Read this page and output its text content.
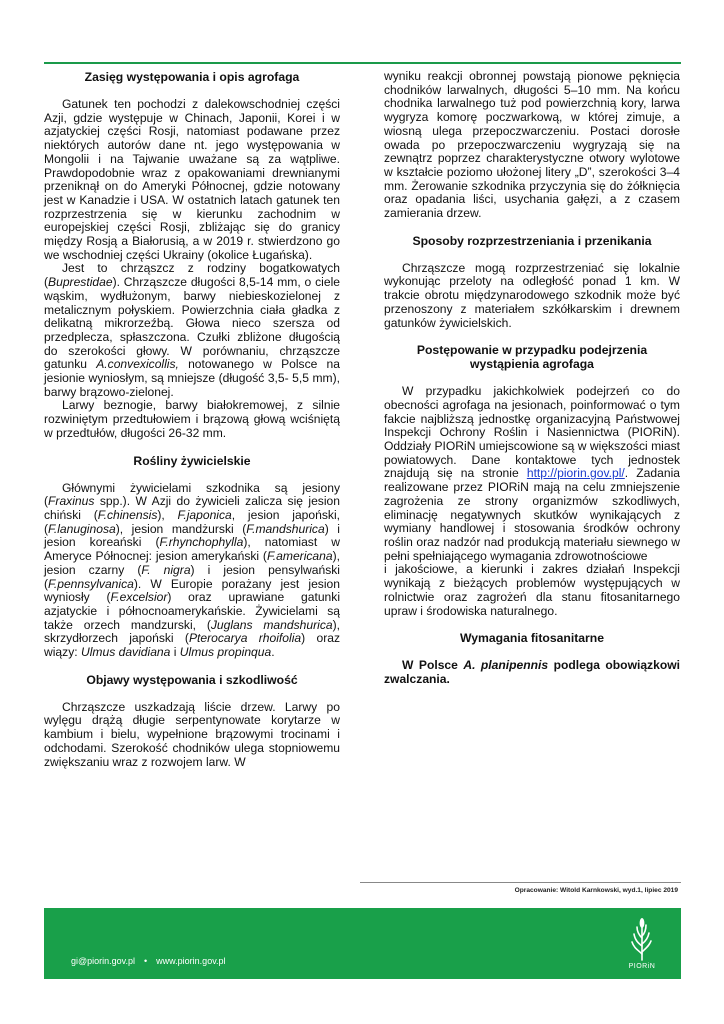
Zasięg występowania i opis agrofaga

Gatunek ten pochodzi z dalekowschodniej części Azji, gdzie występuje w Chinach, Japonii, Korei i w azjatyckiej części Rosji, natomiast podawane przez niektórych autorów dane nt. jego występowania w Mongolii i na Tajwanie uważane są za wątpliwe. Prawdopodobnie wraz z opakowaniami drewnianymi przeniknął on do Ameryki Północnej, gdzie notowany jest w Kanadzie i USA. W ostatnich latach gatunek ten rozprzestrzenia się w kierunku zachodnim w europejskiej części Rosji, zbliżając się do granicy między Rosją a Białorusią, a w 2019 r. stwierdzono go we wschodniej części Ukrainy (okolice Ługańska).

Jest to chrząszcz z rodziny bogatkowatych (Buprestidae). Chrząszcze długości 8,5-14 mm, o ciele wąskim, wydłużonym, barwy niebieskozielonej z metalicznym połyskiem. Powierzchnia ciała gładka z delikatną mikrorzeźbą. Głowa nieco szersza od przedplecza, spłaszczona. Czułki zbliżone długością do szerokości głowy. W porównaniu, chrząszcze gatunku A.convexicollis, notowanego w Polsce na jesionie wyniosłym, są mniejsze (długość 3,5- 5,5 mm), barwy brązowo-zielonej.

Larwy beznogie, barwy białokremowej, z silnie rozwiniętym przedtułowiem i brązową głową wciśniętą w przedtułów, długości 26-32 mm.

Rośliny żywicielskie

Głównymi żywicielami szkodnika są jesiony (Fraxinus spp.). W Azji do żywicieli zalicza się jesion chiński (F.chinensis), F.japonica, jesion japoński, (F.lanuginosa), jesion mandżurski (F.mandshurica) i jesion koreański (F.rhynchophylla), natomiast w Ameryce Północnej: jesion amerykański (F.americana), jesion czarny (F. nigra) i jesion pensylwański (F.pennsylvanica). W Europie porażany jest jesion wyniosły (F.excelsior) oraz uprawiane gatunki azjatyckie i północnoamerykańskie. Żywicielami są także orzech mandzurski, (Juglans mandshurica), skrzydłorzech japoński (Pterocarya rhoifolia) oraz wiązy: Ulmus davidiana i Ulmus propinqua.

Objawy występowania i szkodliwość

Chrząszcze uszkadzają liście drzew. Larwy po wylęgu drążą długie serpentynowate korytarze w kambium i bielu, wypełnione brązowymi trocinami i odchodami. Szerokość chodników ulega stopniowemu zwiększaniu wraz z rozwojem larw. W

wyniku reakcji obronnej powstają pionowe pęknięcia chodników larwalnych, długości 5–10 mm. Na końcu chodnika larwalnego tuż pod powierzchnią kory, larwa wygryza komorę poczwarkową, w której zimuje, a wiosną ulega przepoczwarczeniu. Postaci dorosłe owada po przepoczwarczeniu wygryzają się na zewnątrz poprzez charakterystyczne otwory wylotowe w kształcie poziomo ułożonej litery „D”, szerokości 3–4 mm. Żerowanie szkodnika przyczynia się do żółknięcia oraz opadania liści, usychania gałęzi, a z czasem zamierania drzew.

Sposoby rozprzestrzeniania i przenikania

Chrząszcze mogą rozprzestrzeniać się lokalnie wykonując przeloty na odległość ponad 1 km. W trakcie obrotu międzynarodowego szkodnik może być przenoszony z materiałem szkółkarskim i drewnem gatunków żywicielskich.

Postępowanie w przypadku podejrzenia wystąpienia agrofaga

W przypadku jakichkolwiek podejrzeń co do obecności agrofaga na jesionach, poinformować o tym fakcie najbliższą jednostkę organizacyjną Państwowej Inspekcji Ochrony Roślin i Nasiennictwa (PIORiN). Oddziały PIORiN umiejscowione są w większości miast powiatowych. Dane kontaktowe tych jednostek znajdują się na stronie http://piorin.gov.pl/. Zadania realizowane przez PIORiN mają na celu zmniejszenie zagrożenia ze strony organizmów szkodliwych, eliminację negatywnych skutków wynikających z wymiany handlowej i stosowania środków ochrony roślin oraz nadzór nad produkcją materiału siewnego w pełni spełniającego wymagania zdrowotnościowe

i jakościowe, a kierunki i zakres działań Inspekcji wynikają z bieżących problemów występujących w rolnictwie oraz zagrożeń dla stanu fitosanitarnego upraw i środowiska naturalnego.

Wymagania fitosanitarne

W Polsce A. planipennis podlega obowiązkowi zwalczania.

Opracowanie: Witold Karnkowski, wyd.1, lipiec 2019
gi@piorin.gov.pl • www.piorin.gov.pl
PIORiN
